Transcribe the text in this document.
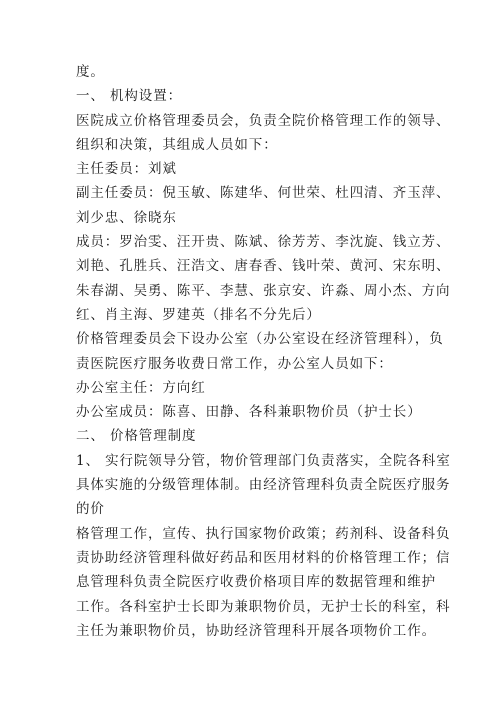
度。

一、 机构设置：

医院成立价格管理委员会，负责全院价格管理工作的领导、
组织和决策，其组成人员如下：

主任委员：刘斌

副主任委员：倪玉敏、陈建华、何世荣、杜四清、齐玉萍、
刘少忠、徐晓东

成员：罗治雯、汪开贵、陈斌、徐芳芳、李沈旋、钱立芳、
刘艳、孔胜兵、汪浩文、唐春香、钱叶荣、黄河、宋东明、
朱春湖、吴勇、陈平、李慧、张京安、许淼、周小杰、方向
红、肖主海、罗建英（排名不分先后）

价格管理委员会下设办公室（办公室设在经济管理科），负
责医院医疗服务收费日常工作，办公室人员如下：

办公室主任：方向红

办公室成员：陈喜、田静、各科兼职物价员（护士长）

二、 价格管理制度

1、 实行院领导分管，物价管理部门负责落实，全院各科室
具体实施的分级管理体制。由经济管理科负责全院医疗服务
的价

格管理工作，宣传、执行国家物价政策；药剂科、设备科负
责协助经济管理科做好药品和医用材料的价格管理工作；信
息管理科负责全院医疗收费价格项目库的数据管理和维护
工作。各科室护士长即为兼职物价员，无护士长的科室，科
主任为兼职物价员，协助经济管理科开展各项物价工作。
